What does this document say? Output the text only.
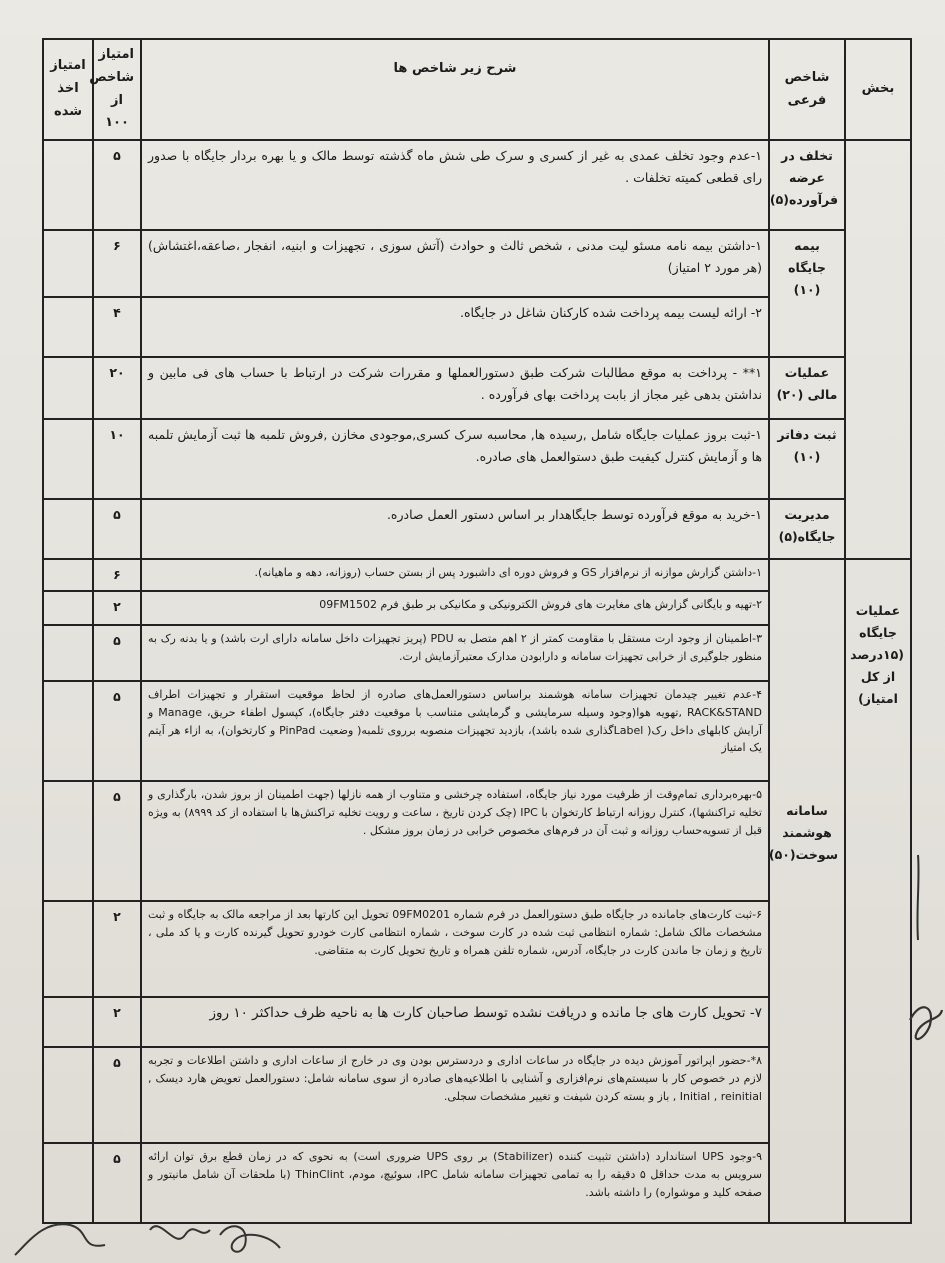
بخش	شاخص فرعی	شرح زیر شاخص ها	امتیاز شاخص از ۱۰۰	امتیاز اخذ شده
	تخلف در عرضه فرآورده(۵)	۱-عدم وجود تخلف عمدی به غیر از کسری و سرک طی شش ماه گذشته توسط مالک و یا بهره بردار جایگاه با صدور رای قطعی کمیته تخلفات .	۵	
	بیمه جایگاه (۱۰)	۱-داشتن بیمه نامه مسئو لیت مدنی ، شخص ثالث و حوادث (آتش سوزی ، تجهیزات و ابنیه، انفجار ،صاعقه،اغتشاش)(هر مورد ۲ امتیاز)	۶	
		۲- ارائه لیست بیمه پرداخت شده کارکنان شاغل در جایگاه.	۴	
	عملیات مالی (۲۰)	۱** - پرداخت به موقع مطالبات شرکت طبق دستورالعملها و مقررات شرکت در ارتباط با حساب های فی مابین و نداشتن بدهی غیر مجاز از بابت پرداخت بهای فرآورده .	۲۰	
	ثبت دفاتر (۱۰)	۱-ثبت بروز عملیات جایگاه شامل ,رسیده ها, محاسبه سرک کسری,موجودی مخازن ,فروش تلمبه ها ثبت آزمایش تلمبه ها و آزمایش کنترل کیفیت طبق دستوالعمل های صادره.	۱۰	
	مدیریت جایگاه(۵)	۱-خرید به موقع فرآورده توسط جایگاهدار بر اساس دستور العمل صادره.	۵	
عملیات جایگاه (۱۵درصد از کل امتیاز)	سامانه هوشمند سوخت(۵۰)	۱-داشتن گزارش موازنه از نرم‌افزار GS و فروش دوره ای داشبورد پس از بستن حساب (روزانه، دهه و ماهیانه).	۶	
		۲-تهیه و بایگانی گزارش های مغایرت های فروش الکترونیکی و مکانیکی بر طبق فرم 09FM1502	۲	
		۳-اطمینان از وجود ارت مستقل با مقاومت کمتر از ۲ اهم متصل به PDU (پریز تجهیزات داخل سامانه دارای ارت باشد) و یا بدنه رک به منظور جلوگیری از خرابی تجهیزات سامانه و دارابودن مدارک معتبرآزمایش ارت.	۵	
		۴-عدم تغییر چیدمان تجهیزات سامانه هوشمند براساس دستورالعمل‌های صادره از لحاظ موقعیت استقرار و تجهیزات اطراف RACK&STAND ,تهویه هوا(وجود وسیله سرمایشی و گرمایشی متناسب با موقعیت دفتر جایگاه)، کپسول اطفاء حریق، Manage و آرایش کابلهای داخل رک( Labelگذاری شده باشد)، بازدید تجهیزات منصوبه برروی تلمبه( وضعیت PinPad و کارتخوان)، به ازاء هر آیتم یک امتیاز	۵	
		۵-بهره‌برداری تمام‌وقت از ظرفیت مورد نیاز جایگاه، استفاده چرخشی و متناوب از همه نازلها (جهت اطمینان از بروز شدن، بارگذاری و تخلیه تراکنشها)، کنترل روزانه ارتباط کارتخوان با IPC (چک کردن تاریخ ، ساعت و رویت تخلیه تراکنش‌ها با استفاده از کد ۸۹۹۹) به ویژه قبل از تسویه‌حساب روزانه و ثبت آن در فرم‌های مخصوص خرابی در زمان بروز مشکل .	۵	
		۶-ثبت کارت‌های جامانده در جایگاه طبق دستورالعمل در فرم شماره 09FM0201 تحویل این کارتها بعد از مراجعه مالک به جایگاه و ثبت مشخصات مالک شامل: شماره انتظامی ثبت شده در کارت سوخت ، شماره انتظامی کارت خودرو تحویل گیرنده کارت و یا کد ملی ، تاریخ و زمان جا ماندن کارت در جایگاه، آدرس، شماره تلفن همراه و تاریخ تحویل کارت به متقاضی.	۲	
		۷- تحویل کارت های جا مانده و دریافت نشده توسط صاحبان کارت ها به ناحیه ظرف حداکثر ۱۰ روز	۲	
		۸*-حضور اپراتور آموزش دیده در جایگاه در ساعات اداری و دردسترس بودن وی در خارج از ساعات اداری و داشتن اطلاعات و تجربه لازم در خصوص کار با سیستم‌های نرم‌افزاری و آشنایی با اطلاعیه‌های صادره از سوی سامانه شامل: دستورالعمل تعویض هارد دیسک , Initial , reinitial , باز و بسته کردن شیفت و تغییر مشخصات سجلی.	۵	
		۹-وجود UPS استاندارد (داشتن تثبیت کننده (Stabilizer) بر روی UPS ضروری است) به نحوی که در زمان قطع برق توان ارائه سرویس به مدت حداقل ۵ دقیقه را به تمامی تجهیزات سامانه شامل IPC، سوئیچ، مودم، ThinClint (با ملحقات آن شامل مانیتور و صفحه کلید و موشواره) را داشته باشد.	۵	
